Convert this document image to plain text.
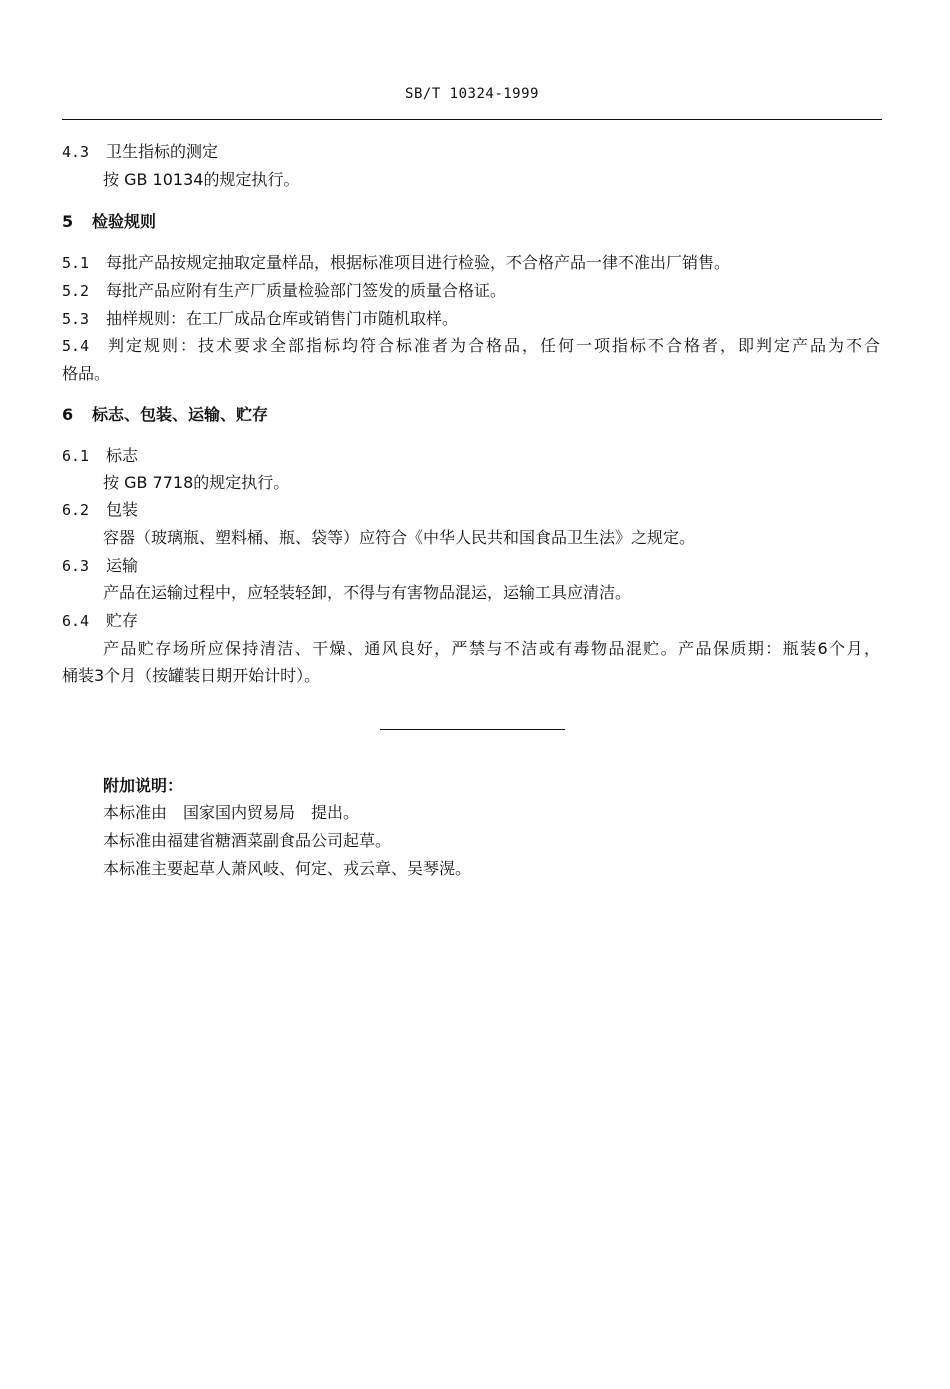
SB/T 10324-1999
4.3 卫生指标的测定
按 GB 10134的规定执行。
5 检验规则
5.1 每批产品按规定抽取定量样品，根据标准项目进行检验，不合格产品一律不准出厂销售。
5.2 每批产品应附有生产厂质量检验部门签发的质量合格证。
5.3 抽样规则：在工厂成品仓库或销售门市随机取样。
5.4 判定规则：技术要求全部指标均符合标准者为合格品，任何一项指标不合格者，即判定产品为不合
格品。
6 标志、包装、运输、贮存
6.1 标志
按 GB 7718的规定执行。
6.2 包装
容器（玻璃瓶、塑料桶、瓶、袋等）应符合《中华人民共和国食品卫生法》之规定。
6.3 运输
产品在运输过程中，应轻装轻卸，不得与有害物品混运，运输工具应清洁。
6.4 贮存
产品贮存场所应保持清洁、干燥、通风良好，严禁与不洁或有毒物品混贮。产品保质期：瓶装6个月，
桶装3个月（按罐装日期开始计时）。
附加说明：
本标准由　国家国内贸易局　提出。
本标准由福建省糖酒菜副食品公司起草。
本标准主要起草人萧风岐、何定、戎云章、吴琴滉。
